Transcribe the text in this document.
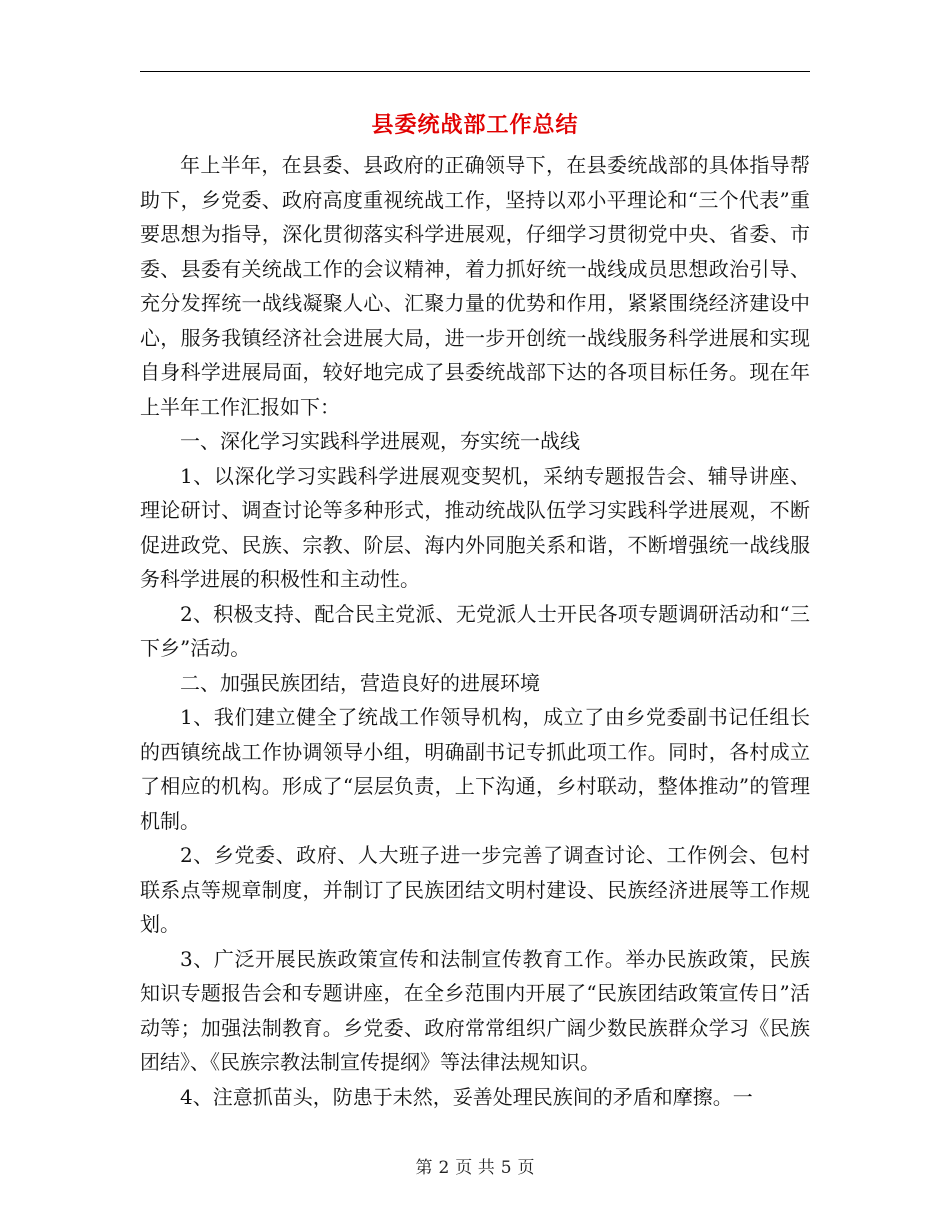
县委统战部工作总结

年上半年，在县委、县政府的正确领导下，在县委统战部的具体指导帮助下，乡党委、政府高度重视统战工作，坚持以邓小平理论和“三个代表”重要思想为指导，深化贯彻落实科学进展观，仔细学习贯彻党中央、省委、市委、县委有关统战工作的会议精神，着力抓好统一战线成员思想政治引导、充分发挥统一战线凝聚人心、汇聚力量的优势和作用，紧紧围绕经济建设中心，服务我镇经济社会进展大局，进一步开创统一战线服务科学进展和实现自身科学进展局面，较好地完成了县委统战部下达的各项目标任务。现在年上半年工作汇报如下：

一、深化学习实践科学进展观，夯实统一战线

1、以深化学习实践科学进展观变契机，采纳专题报告会、辅导讲座、理论研讨、调查讨论等多种形式，推动统战队伍学习实践科学进展观，不断促进政党、民族、宗教、阶层、海内外同胞关系和谐，不断增强统一战线服务科学进展的积极性和主动性。

2、积极支持、配合民主党派、无党派人士开民各项专题调研活动和“三下乡”活动。

二、加强民族团结，营造良好的进展环境

1、我们建立健全了统战工作领导机构，成立了由乡党委副书记任组长的西镇统战工作协调领导小组，明确副书记专抓此项工作。同时，各村成立了相应的机构。形成了“层层负责，上下沟通，乡村联动，整体推动”的管理机制。

2、乡党委、政府、人大班子进一步完善了调查讨论、工作例会、包村联系点等规章制度，并制订了民族团结文明村建设、民族经济进展等工作规划。

3、广泛开展民族政策宣传和法制宣传教育工作。举办民族政策，民族知识专题报告会和专题讲座，在全乡范围内开展了“民族团结政策宣传日”活动等；加强法制教育。乡党委、政府常常组织广阔少数民族群众学习《民族团结》、《民族宗教法制宣传提纲》等法律法规知识。

4、注意抓苗头，防患于未然，妥善处理民族间的矛盾和摩擦。一

第 2 页 共 5 页
